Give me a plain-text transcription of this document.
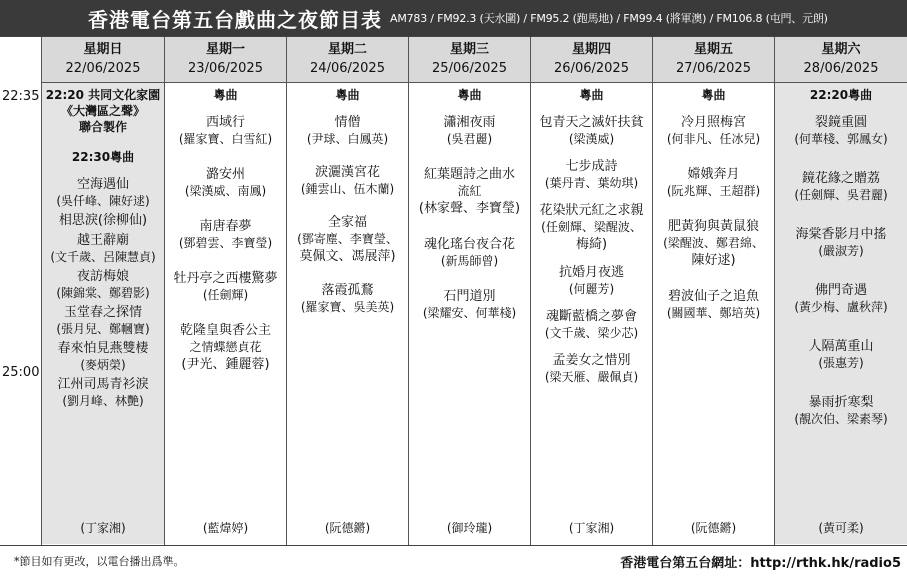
香港電台第五台戲曲之夜節目表 AM783 / FM92.3 (天水圍) / FM95.2 (跑馬地) / FM99.4 (將軍澳) / FM106.8 (屯門、元朗)
22:35
25:00
星期日
22/06/2025
22:20 共同文化家園
《大灣區之聲》
聯合製作
22:30粵曲
空海遇仙
(吳仟峰、陳好逑)
相思淚(徐柳仙)
越王辭廟
(文千歲、呂陳慧貞)
夜訪梅娘
(陳錦棠、鄭碧影)
玉堂春之探情
(張月兒、鄭幗寶)
春來怕見燕雙棲
(麥炳榮)
江州司馬青衫淚
(劉月峰、林艷)
(丁家湘)
星期一
23/06/2025
粵曲
西域行
(羅家寶、白雪紅)
潞安州
(梁漢威、南鳳)
南唐春夢
(鄧碧雲、李寶瑩)
牡丹亭之西樓驚夢
(任劍輝)
乾隆皇與香公主
之情蝶戀貞花
(尹光、鍾麗蓉)
(藍煒婷)
星期二
24/06/2025
粵曲
情僧
(尹球、白鳳英)
淚灑漢宮花
(鍾雲山、伍木蘭)
全家福
(鄧寄塵、李寶瑩、
莫佩文、馮展萍)
落霞孤鶩
(羅家寶、吳美英)
(阮德鏘)
星期三
25/06/2025
粵曲
瀟湘夜雨
(吳君麗)
紅葉題詩之曲水
流紅
(林家聲、李寶瑩)
魂化瑤台夜合花
(新馬師曾)
石門道別
(梁耀安、何華棧)
(御玲瓏)
星期四
26/06/2025
粵曲
包青天之滅奸扶貧
(梁漢威)
七步成詩
(葉丹青、葉幼琪)
花染狀元紅之求親
(任劍輝、梁醒波、
梅綺)
抗婚月夜逃
(何麗芳)
魂斷藍橋之夢會
(文千歲、梁少芯)
孟姜女之惜別
(梁天雁、嚴佩貞)
(丁家湘)
星期五
27/06/2025
粵曲
冷月照梅宮
(何非凡、任冰兒)
嫦娥奔月
(阮兆輝、王超群)
肥黃狗與黃鼠狼
(梁醒波、鄭君綿、
陳好逑)
碧波仙子之追魚
(關國華、鄭培英)
(阮德鏘)
星期六
28/06/2025
22:20粵曲
裂鏡重圓
(何華棧、郭鳳女)
鏡花緣之贈荔
(任劍輝、吳君麗)
海棠香影月中搖
(嚴淑芳)
佛門奇遇
(黃少梅、盧秋萍)
人隔萬重山
(張惠芳)
暴雨折寒梨
(靚次伯、梁素琴)
(黃可柔)
*節目如有更改，以電台播出爲準。	香港電台第五台網址：http://rthk.hk/radio5
